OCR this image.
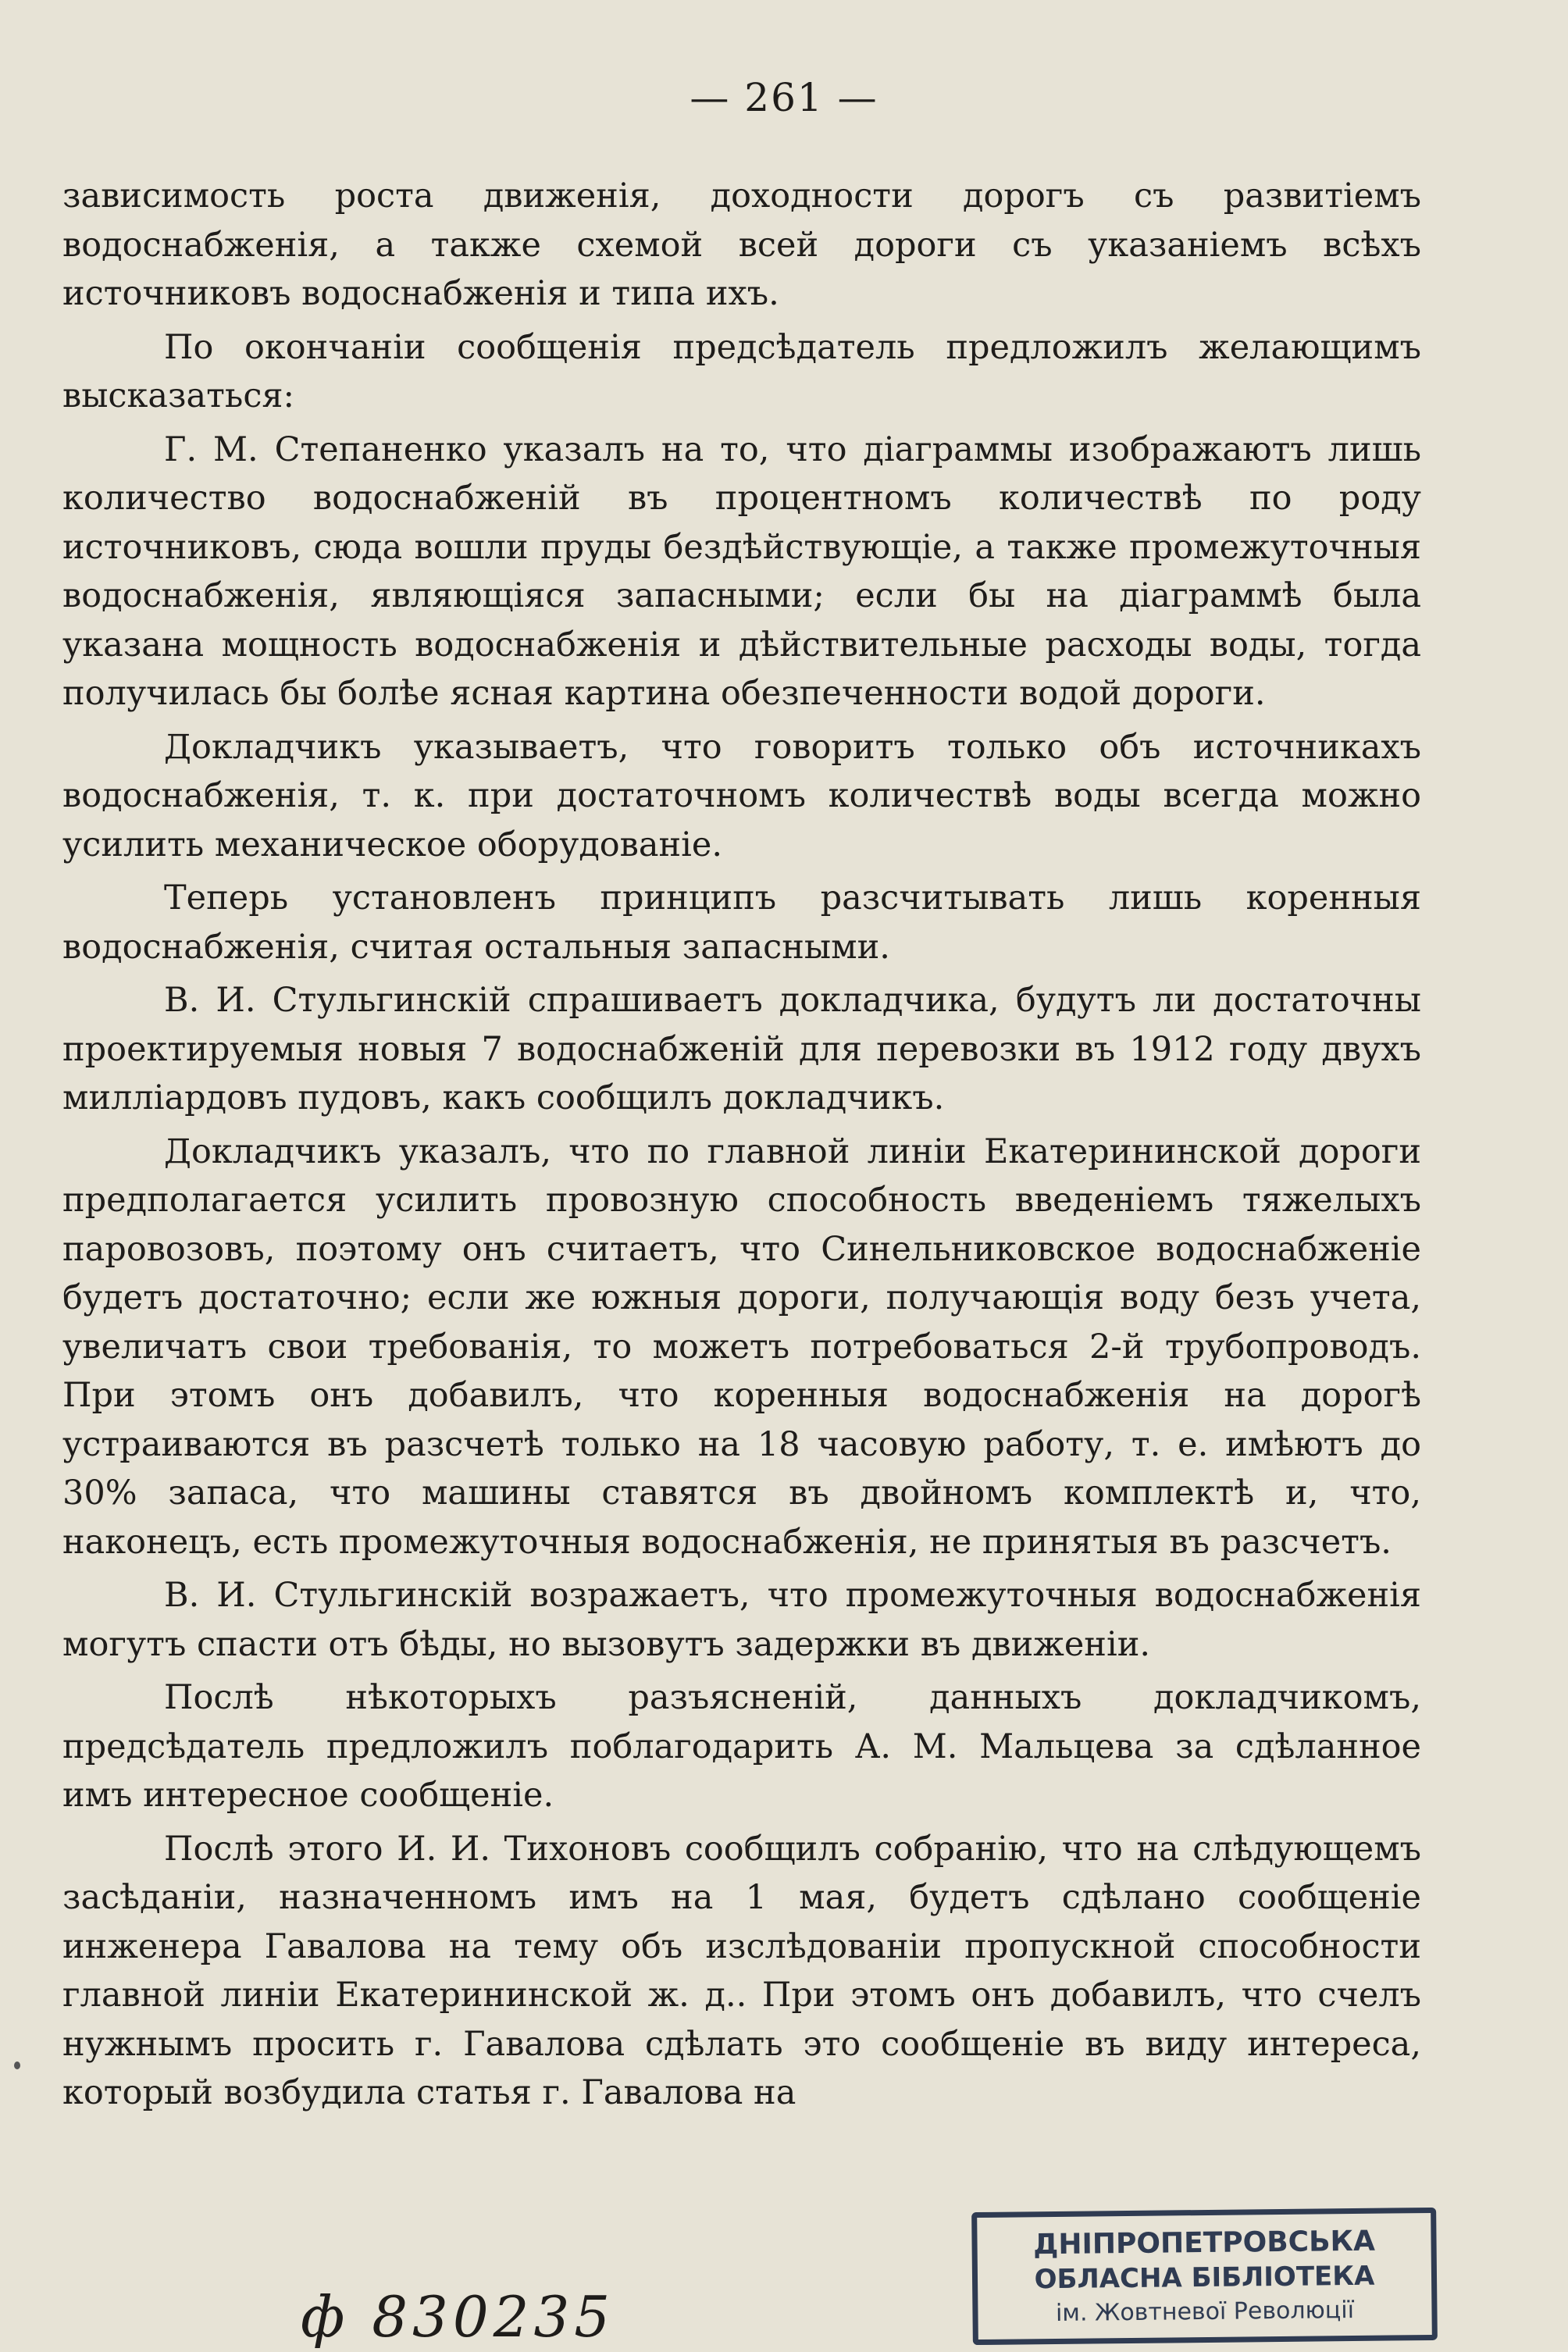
— 261 —

зависимость роста движенія, доходности дорогъ съ развитіемъ водоснабженія, а также схемой всей дороги съ указаніемъ всѣхъ источниковъ водоснабженія и типа ихъ.

По окончаніи сообщенія предсѣдатель предложилъ желающимъ высказаться:

Г. М. Степаненко указалъ на то, что діаграммы изображаютъ лишь количество водоснабженій въ процентномъ количествѣ по роду источниковъ, сюда вошли пруды бездѣйствующіе, а также промежуточныя водоснабженія, являющіяся запасными; если бы на діаграммѣ была указана мощность водоснабженія и дѣйствительные расходы воды, тогда получилась бы болѣе ясная картина обезпеченности водой дороги.

Докладчикъ указываетъ, что говоритъ только объ источникахъ водоснабженія, т. к. при достаточномъ количествѣ воды всегда можно усилить механическое оборудованіе.

Теперь установленъ принципъ разсчитывать лишь коренныя водоснабженія, считая остальныя запасными.

В. И. Стульгинскій спрашиваетъ докладчика, будутъ ли достаточны проектируемыя новыя 7 водоснабженій для перевозки въ 1912 году двухъ миллiардовъ пудовъ, какъ сообщилъ докладчикъ.

Докладчикъ указалъ, что по главной линіи Екатерининской дороги предполагается усилить провозную способность введеніемъ тяжелыхъ паровозовъ, поэтому онъ считаетъ, что Синельниковское водоснабженіе будетъ достаточно; если же южныя дороги, получающія воду безъ учета, увеличатъ свои требованія, то можетъ потребоваться 2-й трубопроводъ. При этомъ онъ добавилъ, что коренныя водоснабженія на дорогѣ устраиваются въ разсчетѣ только на 18 часовую работу, т. е. имѣютъ до 30% запаса, что машины ставятся въ двойномъ комплектѣ и, что, наконецъ, есть промежуточныя водоснабженія, не принятыя въ разсчетъ.

В. И. Стульгинскій возражаетъ, что промежуточныя водоснабженія могутъ спасти отъ бѣды, но вызовутъ задержки въ движеніи.

Послѣ нѣкоторыхъ разъясненій, данныхъ докладчикомъ, предсѣдатель предложилъ поблагодарить А. М. Мальцева за сдѣланное имъ интересное сообщеніе.

Послѣ этого И. И. Тихоновъ сообщилъ собранію, что на слѣдующемъ засѣданіи, назначенномъ имъ на 1 мая, будетъ сдѣлано сообщеніе инженера Гавалова на тему объ изслѣдованіи пропускной способности главной линіи Екатерининской ж. д.. При этомъ онъ добавилъ, что счелъ нужнымъ просить г. Гавалова сдѣлать это сообщеніе въ виду интереса, который возбудила статья г. Гавалова на

ф 830235
ДНІПРОПЕТРОВСЬКА
ОБЛАСНА БІБЛІОТЕКА
ім. Жовтневої Революції
